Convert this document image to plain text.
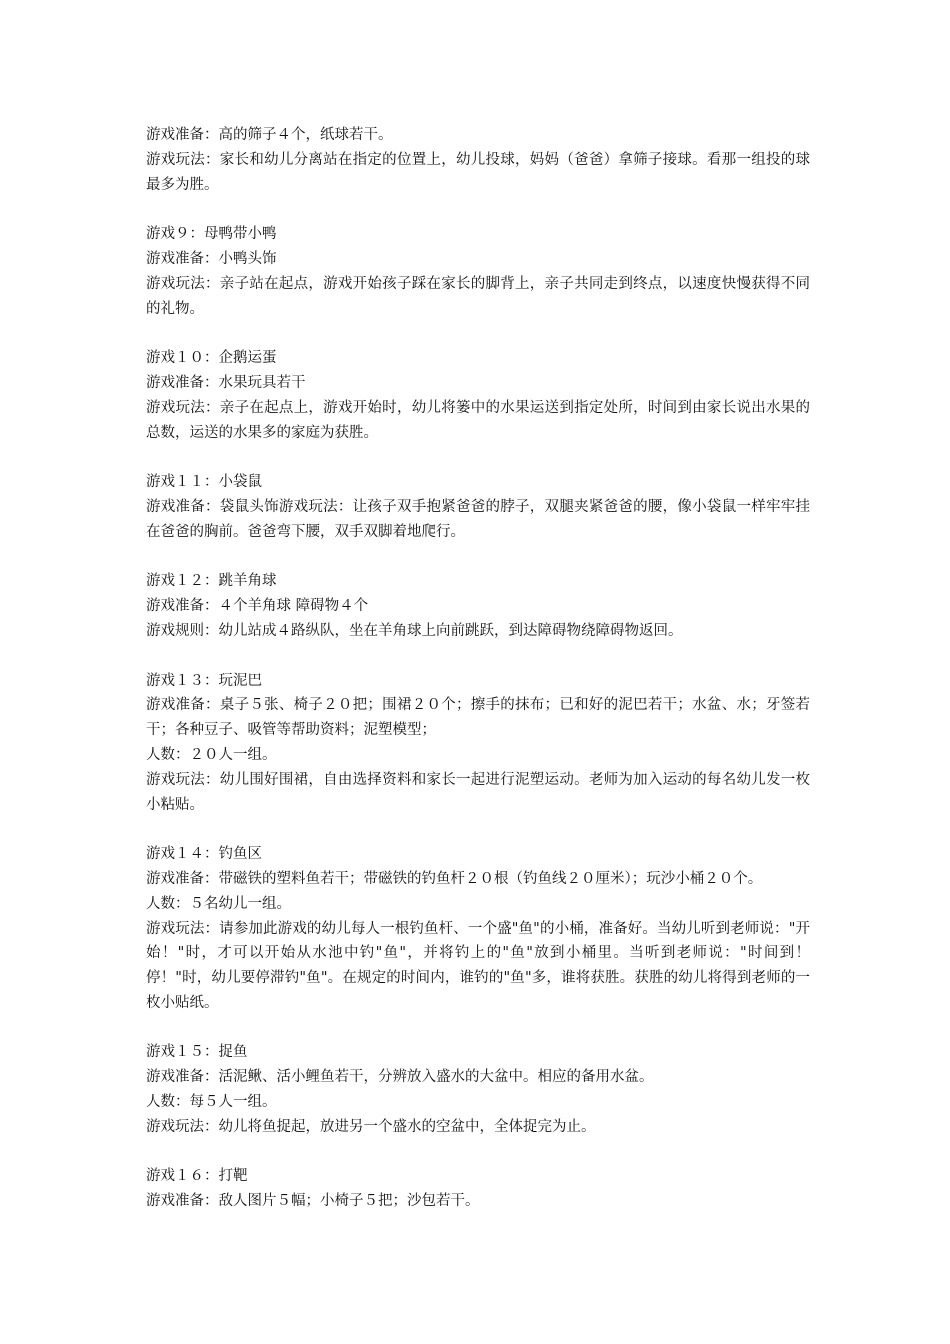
游戏准备：高的筛子４个，纸球若干。

游戏玩法：家长和幼儿分离站在指定的位置上，幼儿投球，妈妈（爸爸）拿筛子接球。看那一组投的球最多为胜。

游戏９：母鸭带小鸭

游戏准备：小鸭头饰

游戏玩法：亲子站在起点，游戏开始孩子踩在家长的脚背上，亲子共同走到终点，以速度快慢获得不同的礼物。

游戏１０：企鹅运蛋

游戏准备：水果玩具若干

游戏玩法：亲子在起点上，游戏开始时，幼儿将篓中的水果运送到指定处所，时间到由家长说出水果的总数，运送的水果多的家庭为获胜。

游戏１１：小袋鼠

游戏准备：袋鼠头饰游戏玩法：让孩子双手抱紧爸爸的脖子，双腿夹紧爸爸的腰，像小袋鼠一样牢牢挂在爸爸的胸前。爸爸弯下腰，双手双脚着地爬行。

游戏１２：跳羊角球

游戏准备：４个羊角球 障碍物４个

游戏规则：幼儿站成４路纵队，坐在羊角球上向前跳跃，到达障碍物绕障碍物返回。

游戏１３：玩泥巴

游戏准备：桌子５张、椅子２０把；围裙２０个；擦手的抹布；已和好的泥巴若干；水盆、水；牙签若干；各种豆子、吸管等帮助资料；泥塑模型；

人数：２０人一组。

游戏玩法：幼儿围好围裙，自由选择资料和家长一起进行泥塑运动。老师为加入运动的每名幼儿发一枚小粘贴。

游戏１４：钓鱼区

游戏准备：带磁铁的塑料鱼若干；带磁铁的钓鱼杆２０根（钓鱼线２０厘米）；玩沙小桶２０个。

人数：５名幼儿一组。

游戏玩法：请参加此游戏的幼儿每人一根钓鱼杆、一个盛"鱼"的小桶，准备好。当幼儿听到老师说："开始！"时，才可以开始从水池中钓"鱼"，并将钓上的"鱼"放到小桶里。当听到老师说："时间到！停！"时，幼儿要停滞钓"鱼"。在规定的时间内，谁钓的"鱼"多，谁将获胜。获胜的幼儿将得到老师的一枚小贴纸。

游戏１５：捉鱼

游戏准备：活泥鳅、活小鲤鱼若干，分辨放入盛水的大盆中。相应的备用水盆。

人数：每５人一组。

游戏玩法：幼儿将鱼捉起，放进另一个盛水的空盆中，全体捉完为止。

游戏１６：打靶

游戏准备：敌人图片５幅；小椅子５把；沙包若干。
